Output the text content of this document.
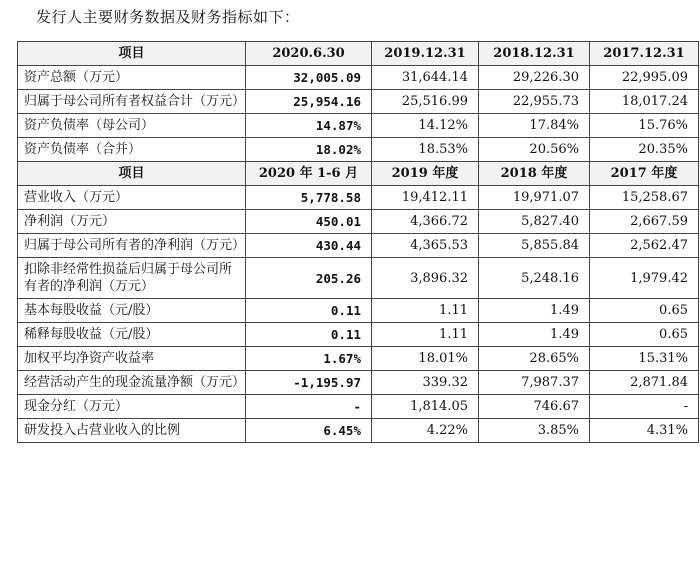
发行人主要财务数据及财务指标如下：
项目	2020.6.30	2019.12.31	2018.12.31	2017.12.31
资产总额（万元）	32,005.09	31,644.14	29,226.30	22,995.09
归属于母公司所有者权益合计（万元）	25,954.16	25,516.99	22,955.73	18,017.24
资产负债率（母公司）	14.87%	14.12%	17.84%	15.76%
资产负债率（合并）	18.02%	18.53%	20.56%	20.35%
项目	2020 年 1-6 月	2019 年度	2018 年度	2017 年度
营业收入（万元）	5,778.58	19,412.11	19,971.07	15,258.67
净利润（万元）	450.01	4,366.72	5,827.40	2,667.59
归属于母公司所有者的净利润（万元）	430.44	4,365.53	5,855.84	2,562.47
扣除非经常性损益后归属于母公司所有者的净利润（万元）	205.26	3,896.32	5,248.16	1,979.42
基本每股收益（元/股）	0.11	1.11	1.49	0.65
稀释每股收益（元/股）	0.11	1.11	1.49	0.65
加权平均净资产收益率	1.67%	18.01%	28.65%	15.31%
经营活动产生的现金流量净额（万元）	-1,195.97	339.32	7,987.37	2,871.84
现金分红（万元）	-	1,814.05	746.67	-
研发投入占营业收入的比例	6.45%	4.22%	3.85%	4.31%
